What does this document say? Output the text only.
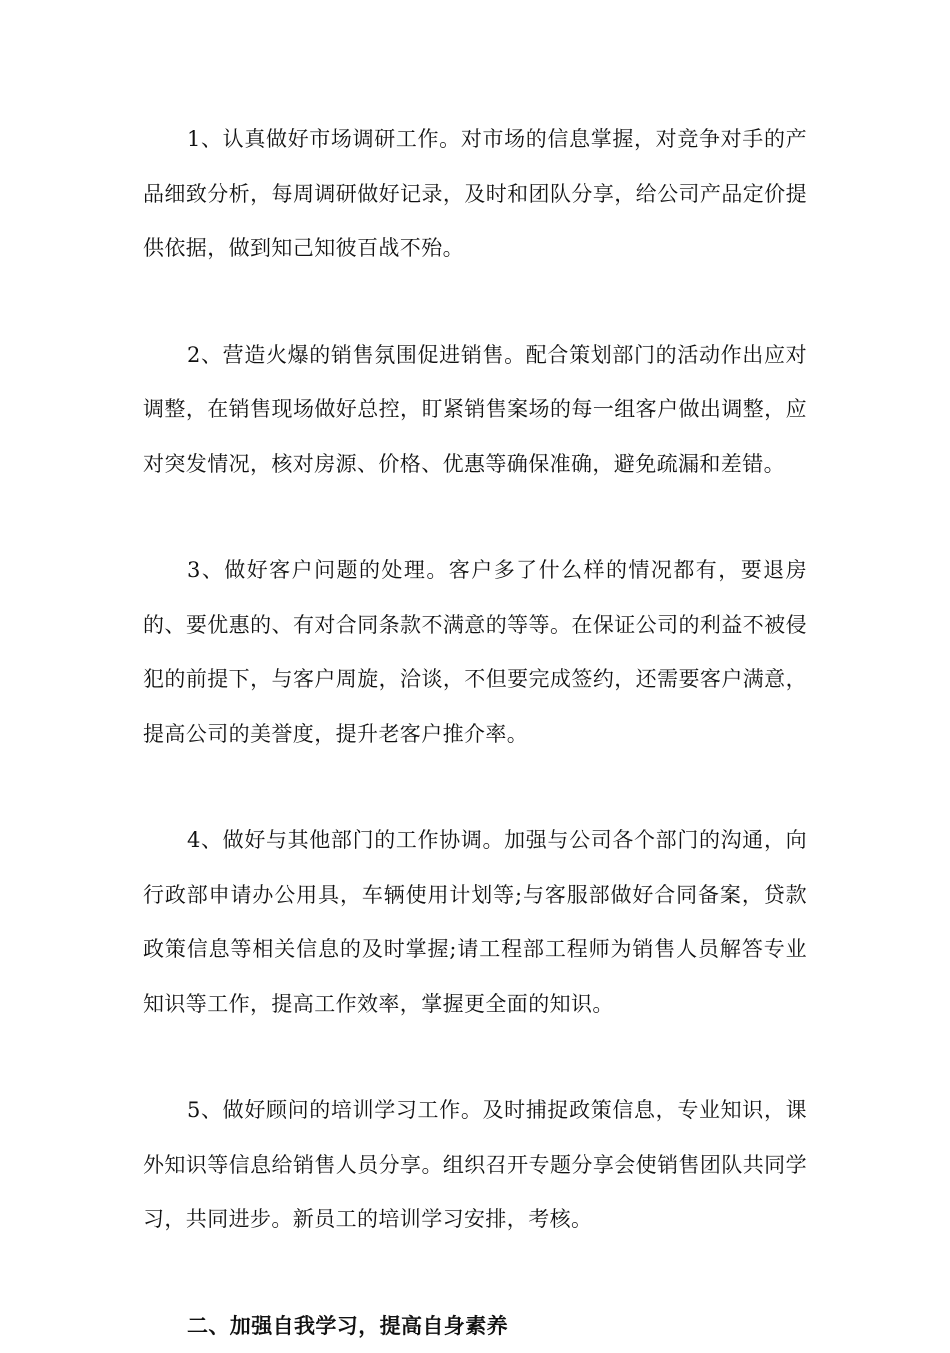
1、认真做好市场调研工作。对市场的信息掌握，对竞争对手的产品细致分析，每周调研做好记录，及时和团队分享，给公司产品定价提供依据，做到知己知彼百战不殆。

2、营造火爆的销售氛围促进销售。配合策划部门的活动作出应对调整，在销售现场做好总控，盯紧销售案场的每一组客户做出调整，应对突发情况，核对房源、价格、优惠等确保准确，避免疏漏和差错。

3、做好客户问题的处理。客户多了什么样的情况都有，要退房的、要优惠的、有对合同条款不满意的等等。在保证公司的利益不被侵犯的前提下，与客户周旋，洽谈，不但要完成签约，还需要客户满意，提高公司的美誉度，提升老客户推介率。

4、做好与其他部门的工作协调。加强与公司各个部门的沟通，向行政部申请办公用具，车辆使用计划等;与客服部做好合同备案，贷款政策信息等相关信息的及时掌握;请工程部工程师为销售人员解答专业知识等工作，提高工作效率，掌握更全面的知识。

5、做好顾问的培训学习工作。及时捕捉政策信息，专业知识，课外知识等信息给销售人员分享。组织召开专题分享会使销售团队共同学习，共同进步。新员工的培训学习安排，考核。

二、加强自我学习，提高自身素养
